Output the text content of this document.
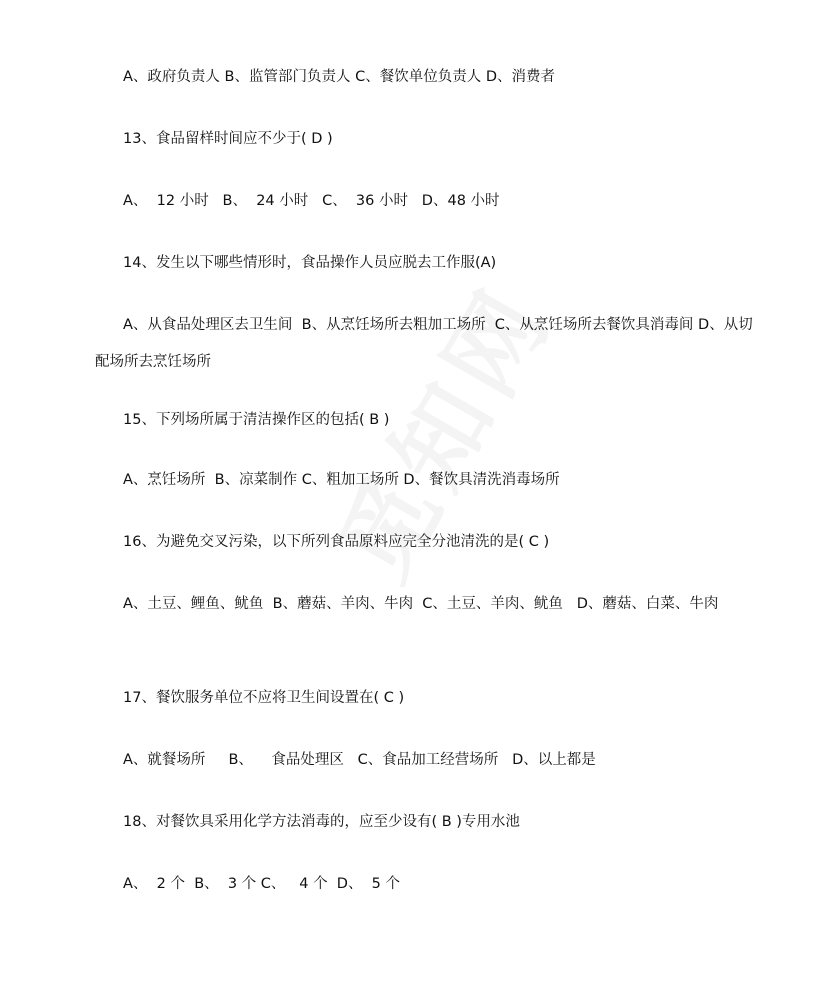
A、政府负责人 B、监管部门负责人 C、餐饮单位负责人 D、消费者

13、食品留样时间应不少于( D )

A、  12 小时   B、  24 小时   C、  36 小时   D、48 小时

14、发生以下哪些情形时，食品操作人员应脱去工作服(A)

A、从食品处理区去卫生间  B、从烹饪场所去粗加工场所  C、从烹饪场所去餐饮具消毒间 D、从切配场所去烹饪场所

15、下列场所属于清洁操作区的包括( B )

A、烹饪场所  B、凉菜制作 C、粗加工场所 D、餐饮具清洗消毒场所

16、为避免交叉污染，以下所列食品原料应完全分池清洗的是( C )

A、土豆、鲤鱼、鱿鱼  B、蘑菇、羊肉、牛肉  C、土豆、羊肉、鱿鱼   D、蘑菇、白菜、牛肉

17、餐饮服务单位不应将卫生间设置在( C )

A、就餐场所     B、    食品处理区   C、食品加工经营场所   D、以上都是

18、对餐饮具采用化学方法消毒的，应至少设有( B )专用水池

A、  2 个  B、  3 个 C、   4 个  D、  5 个
